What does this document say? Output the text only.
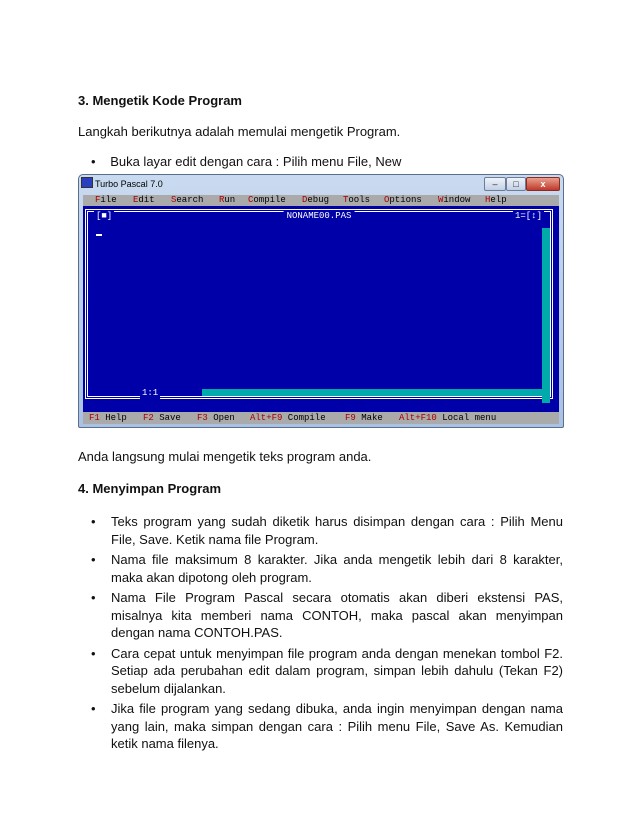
3. Mengetik Kode Program
Langkah berikutnya adalah memulai mengetik Program.
• Buka layar edit dengan cara : Pilih menu File, New
Turbo Pascal 7.0	–	□	x
File Edit Search Run Compile Debug Tools Options Window Help
[■]	NONAME00.PAS	1=[↕]
1:1
F1 Help F2 Save F3 Open Alt+F9 Compile F9 Make Alt+F10 Local menu
Anda langsung mulai mengetik teks program anda.
4. Menyimpan Program
• Teks program yang sudah diketik harus disimpan dengan cara : Pilih Menu File, Save. Ketik nama file Program.
• Nama file maksimum 8 karakter. Jika anda mengetik lebih dari 8 karakter, maka akan dipotong oleh program.
• Nama File Program Pascal secara otomatis akan diberi ekstensi PAS, misalnya kita memberi nama CONTOH, maka pascal akan menyimpan dengan nama CONTOH.PAS.
• Cara cepat untuk menyimpan file program anda dengan menekan tombol F2. Setiap ada perubahan edit dalam program, simpan lebih dahulu (Tekan F2) sebelum dijalankan.
• Jika file program yang sedang dibuka, anda ingin menyimpan dengan nama yang lain, maka simpan dengan cara : Pilih menu File, Save As. Kemudian ketik nama filenya.
